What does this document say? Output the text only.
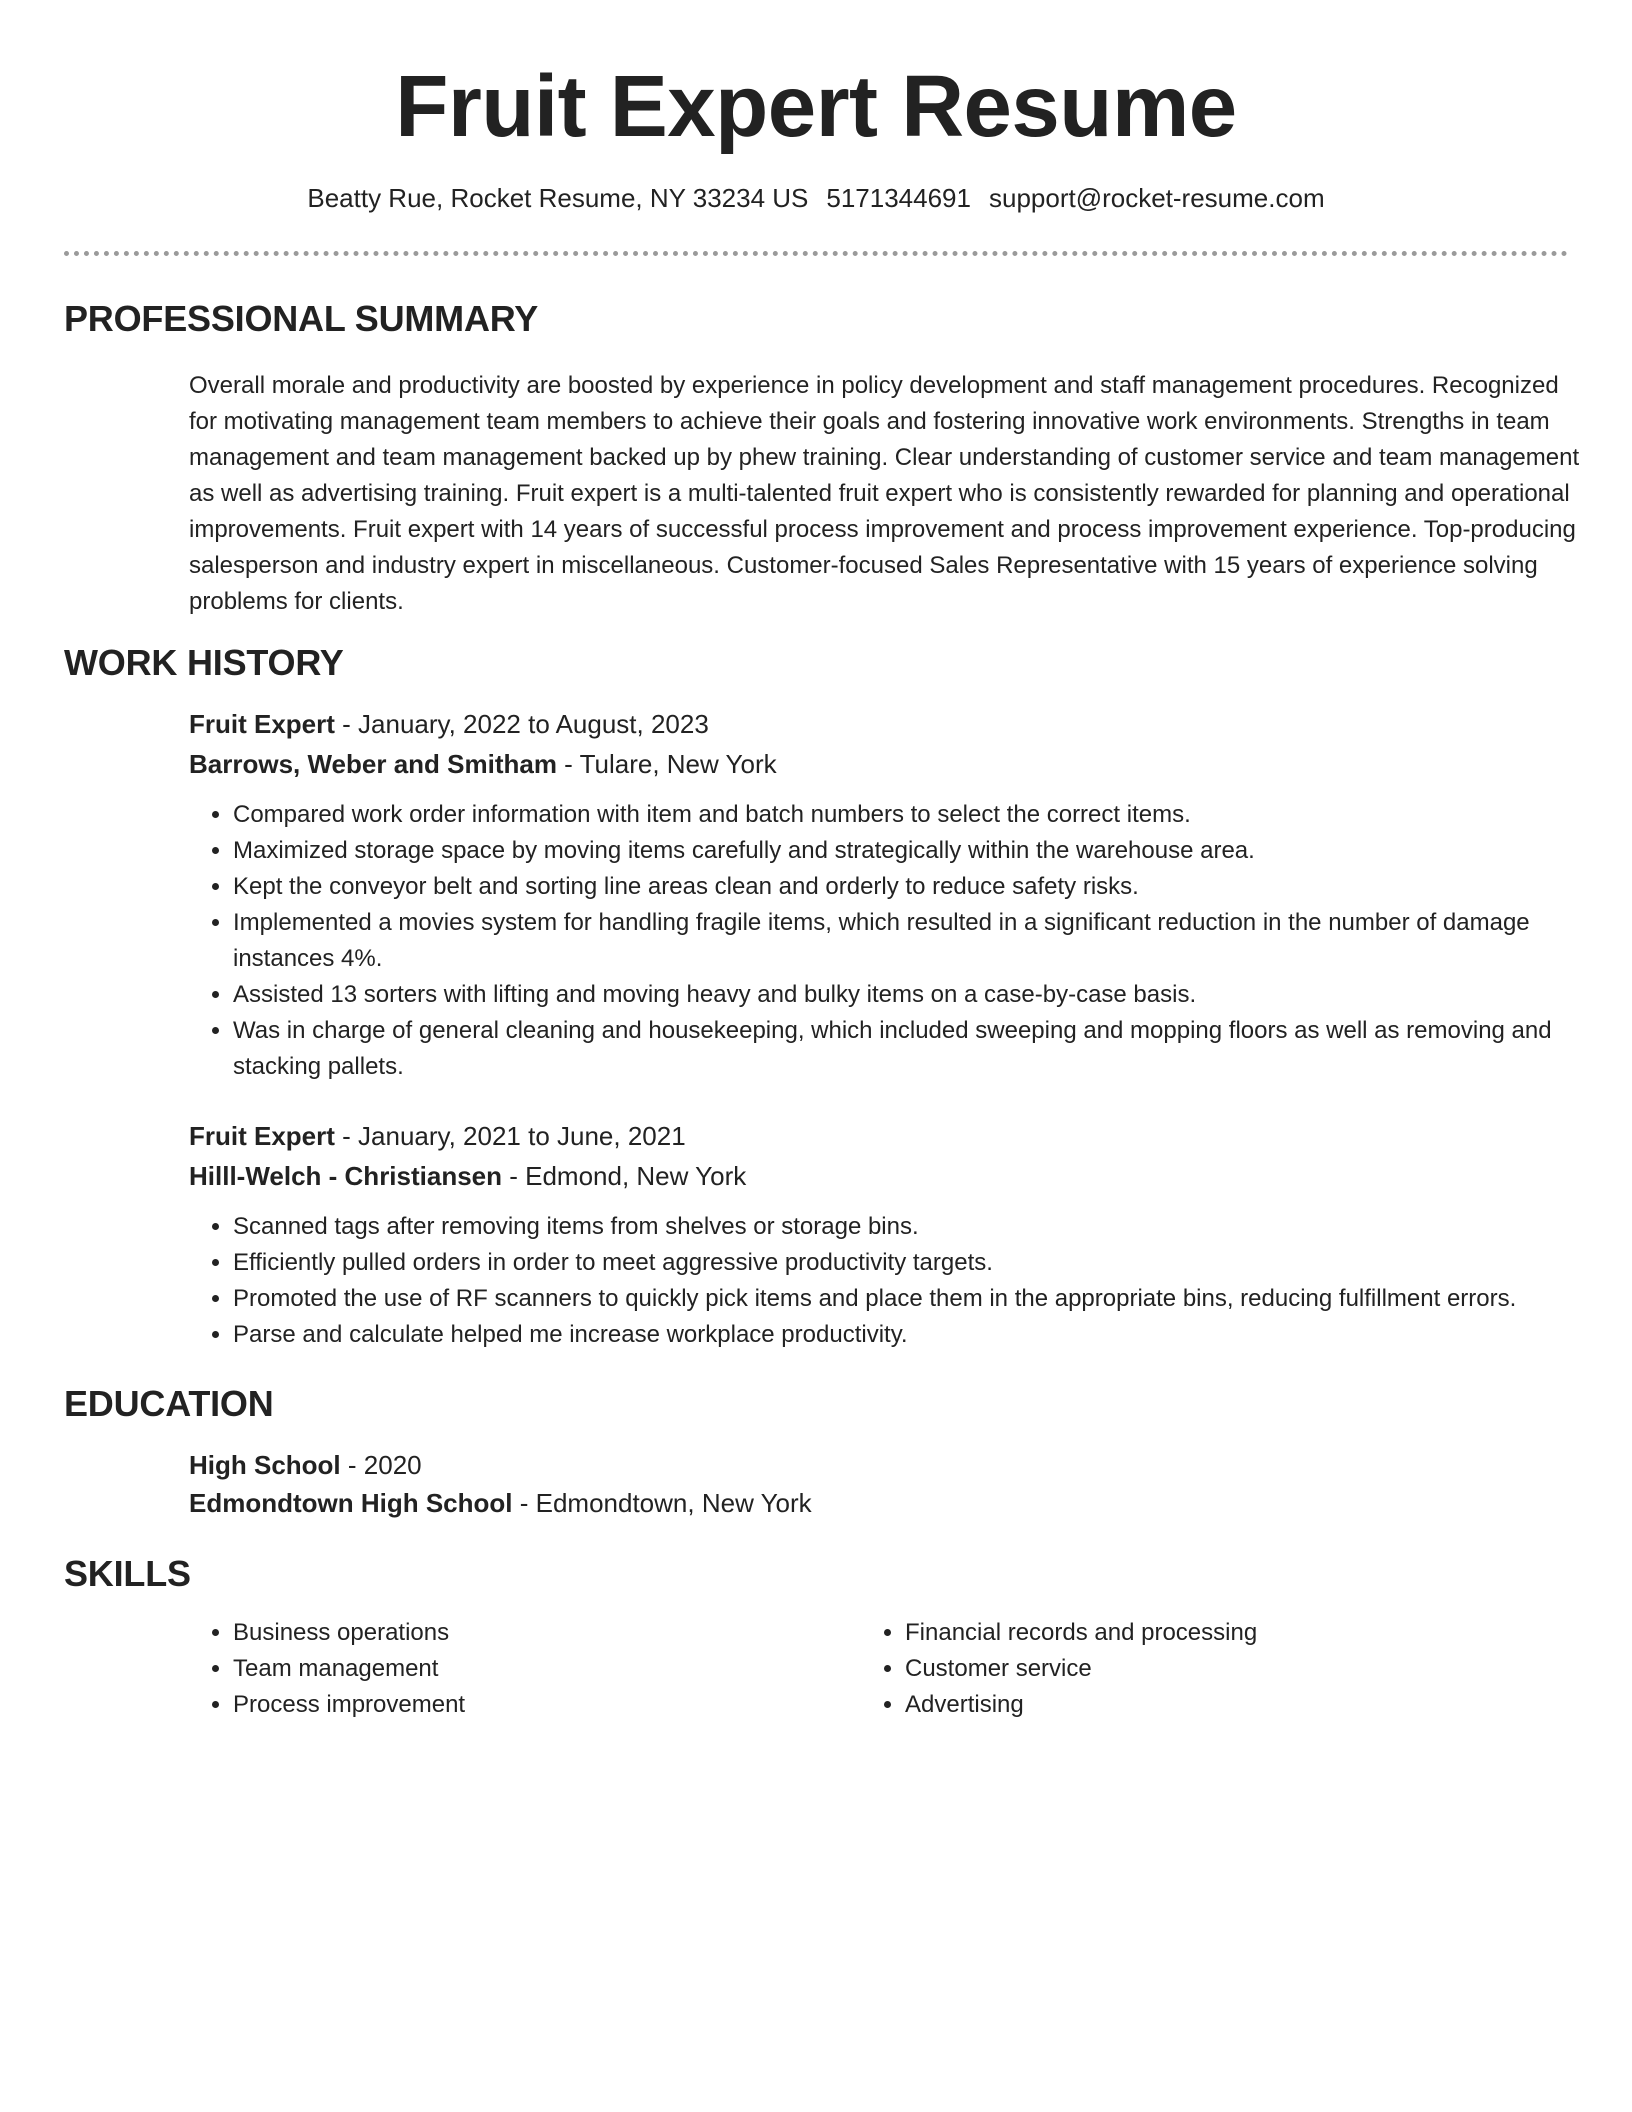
Fruit Expert Resume
Beatty Rue, Rocket Resume, NY 33234 US 5171344691 support@rocket-resume.com
PROFESSIONAL SUMMARY

Overall morale and productivity are boosted by experience in policy development and staff management procedures. Recognized for motivating management team members to achieve their goals and fostering innovative work environments. Strengths in team management and team management backed up by phew training. Clear understanding of customer service and team management as well as advertising training. Fruit expert is a multi-talented fruit expert who is consistently rewarded for planning and operational improvements. Fruit expert with 14 years of successful process improvement and process improvement experience. Top-producing salesperson and industry expert in miscellaneous. Customer-focused Sales Representative with 15 years of experience solving problems for clients.

WORK HISTORY
Fruit Expert - January, 2022 to August, 2023
Barrows, Weber and Smitham - Tulare, New York
• Compared work order information with item and batch numbers to select the correct items.
• Maximized storage space by moving items carefully and strategically within the warehouse area.
• Kept the conveyor belt and sorting line areas clean and orderly to reduce safety risks.
• Implemented a movies system for handling fragile items, which resulted in a significant reduction in the number of damage instances 4%.
• Assisted 13 sorters with lifting and moving heavy and bulky items on a case-by-case basis.
• Was in charge of general cleaning and housekeeping, which included sweeping and mopping floors as well as removing and stacking pallets.
Fruit Expert - January, 2021 to June, 2021
Hilll-Welch - Christiansen - Edmond, New York
• Scanned tags after removing items from shelves or storage bins.
• Efficiently pulled orders in order to meet aggressive productivity targets.
• Promoted the use of RF scanners to quickly pick items and place them in the appropriate bins, reducing fulfillment errors.
• Parse and calculate helped me increase workplace productivity.
EDUCATION
High School - 2020
Edmondtown High School - Edmondtown, New York
SKILLS
• Business operations
• Team management
• Process improvement
• Financial records and processing
• Customer service
• Advertising
